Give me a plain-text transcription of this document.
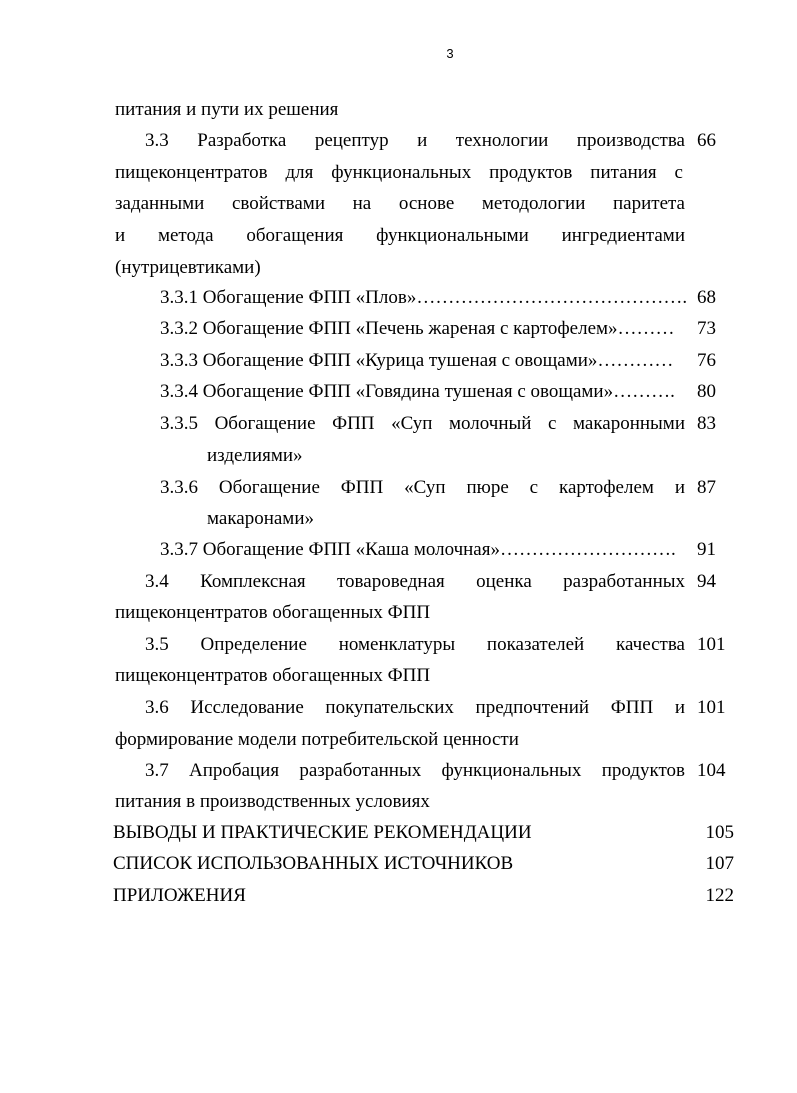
3
питания и пути их решения
3.3 Разработка рецептур и технологии производства 66
пищеконцентратов для функциональных продуктов питания с
заданными свойствами на основе методологии паритета
и метода обогащения функциональными ингредиентами
(нутрицевтиками)
3.3.1 Обогащение ФПП «Плов»……………………………………. 68
3.3.2 Обогащение ФПП «Печень жареная с картофелем»………	73
3.3.3 Обогащение ФПП «Курица тушеная с овощами»…………	76
3.3.4 Обогащение ФПП «Говядина тушеная с овощами»……….	80
3.3.5 Обогащение ФПП «Суп молочный с макаронными 83
изделиями»
3.3.6 Обогащение ФПП «Суп пюре с картофелем и 87
макаронами»
3.3.7 Обогащение ФПП «Каша молочная»……………………….	91
3.4 Комплексная товароведная оценка разработанных 94
пищеконцентратов обогащенных ФПП
3.5 Определение номенклатуры показателей качества 101
пищеконцентратов обогащенных ФПП
3.6 Исследование покупательских предпочтений ФПП и 101
формирование модели потребительской ценности
3.7 Апробация разработанных функциональных продуктов 104
питания в производственных условиях
ВЫВОДЫ И ПРАКТИЧЕСКИЕ РЕКОМЕНДАЦИИ	105
СПИСОК ИСПОЛЬЗОВАННЫХ ИСТОЧНИКОВ	107
ПРИЛОЖЕНИЯ	122
